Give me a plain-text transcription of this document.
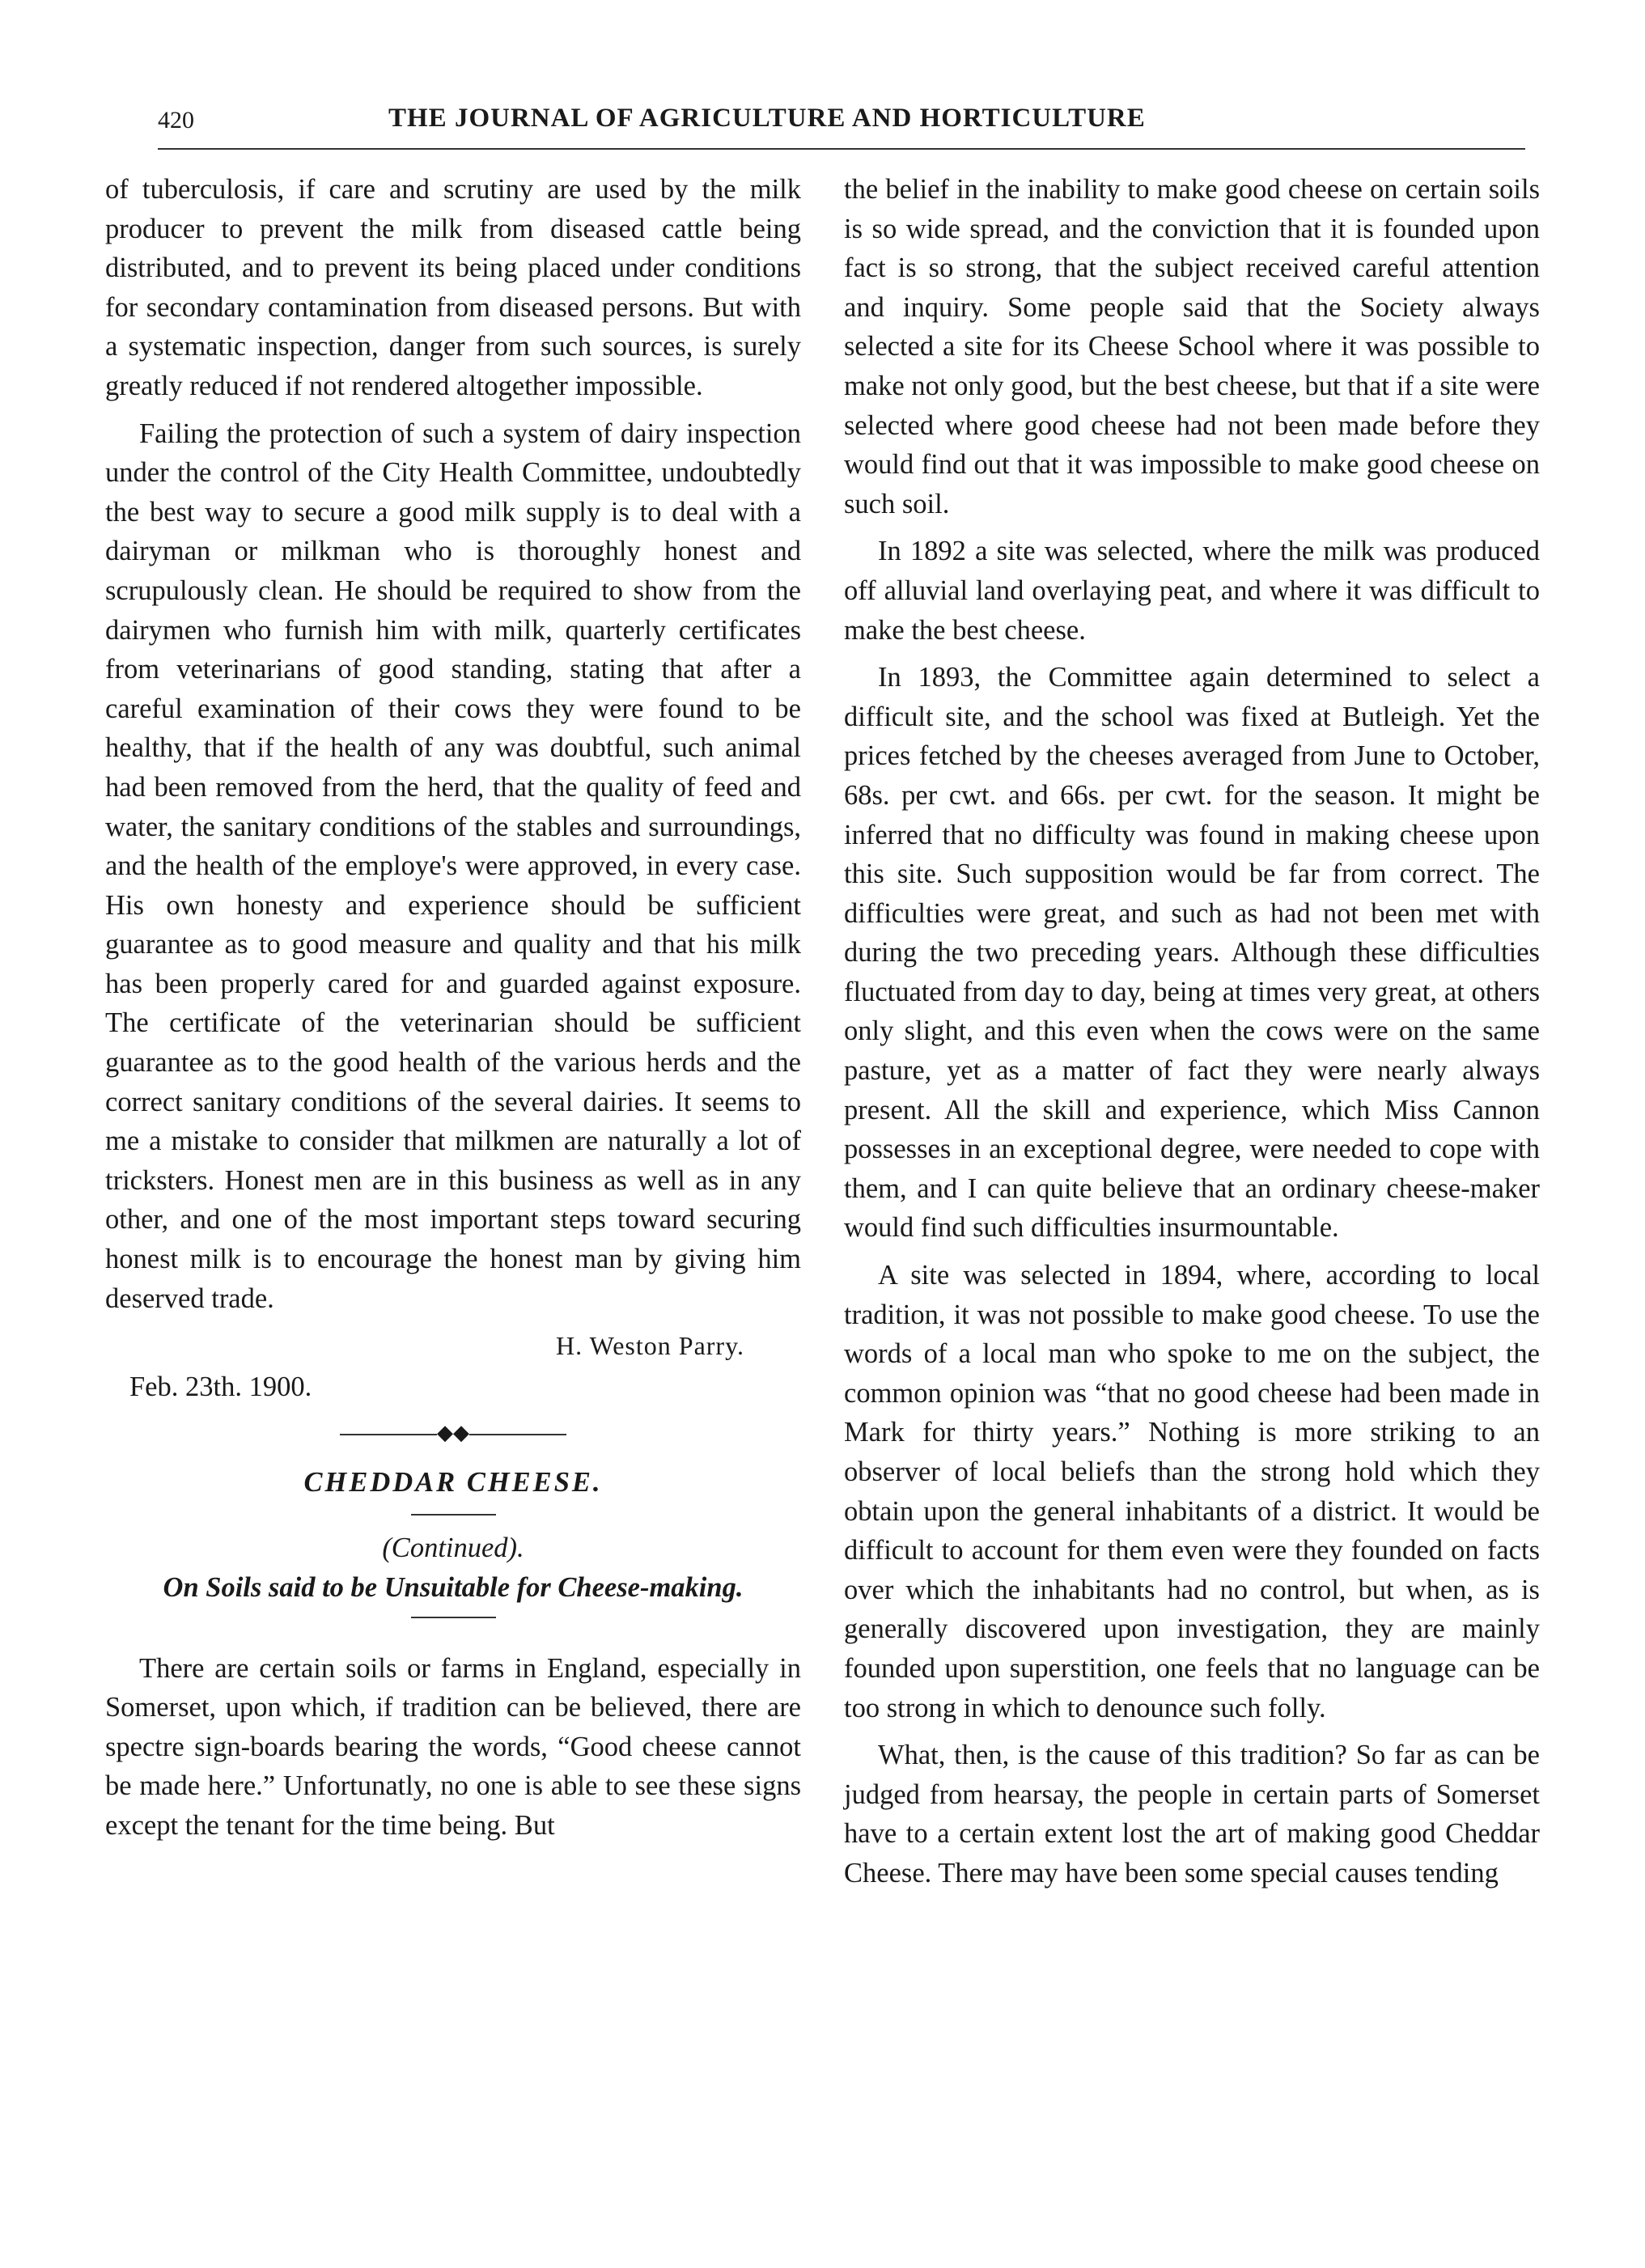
420	THE JOURNAL OF AGRICULTURE AND HORTICULTURE

of tuberculosis, if care and scrutiny are used by the milk producer to prevent the milk from diseased cattle being distributed, and to prevent its being placed under conditions for secondary contamination from diseased persons. But with a systematic inspection, danger from such sources, is surely greatly reduced if not rendered altogether impossible.

Failing the protection of such a system of dairy inspection under the control of the City Health Committee, undoubtedly the best way to secure a good milk supply is to deal with a dairyman or milkman who is thoroughly honest and scrupulously clean. He should be required to show from the dairymen who furnish him with milk, quarterly certificates from veterinarians of good standing, stating that after a careful examination of their cows they were found to be healthy, that if the health of any was doubtful, such animal had been removed from the herd, that the quality of feed and water, the sanitary conditions of the stables and surroundings, and the health of the employe's were approved, in every case. His own honesty and experience should be sufficient guarantee as to good measure and quality and that his milk has been properly cared for and guarded against exposure. The certificate of the veterinarian should be sufficient guarantee as to the good health of the various herds and the correct sanitary conditions of the several dairies. It seems to me a mistake to consider that milkmen are naturally a lot of tricksters. Honest men are in this business as well as in any other, and one of the most important steps toward securing honest milk is to encourage the honest man by giving him deserved trade.

H. Weston Parry.
Feb. 23th. 1900.
◆◆
CHEDDAR CHEESE.
(Continued).
On Soils said to be Unsuitable for Cheese-making.

There are certain soils or farms in England, especially in Somerset, upon which, if tradition can be believed, there are spectre sign-boards bearing the words, “Good cheese cannot be made here.” Unfortunatly, no one is able to see these signs except the tenant for the time being. But

the belief in the inability to make good cheese on certain soils is so wide spread, and the conviction that it is founded upon fact is so strong, that the subject received careful attention and inquiry. Some people said that the Society always selected a site for its Cheese School where it was possible to make not only good, but the best cheese, but that if a site were selected where good cheese had not been made before they would find out that it was impossible to make good cheese on such soil.

In 1892 a site was selected, where the milk was produced off alluvial land overlaying peat, and where it was difficult to make the best cheese.

In 1893, the Committee again determined to select a difficult site, and the school was fixed at Butleigh. Yet the prices fetched by the cheeses averaged from June to October, 68s. per cwt. and 66s. per cwt. for the season. It might be inferred that no difficulty was found in making cheese upon this site. Such supposition would be far from correct. The difficulties were great, and such as had not been met with during the two preceding years. Although these difficulties fluctuated from day to day, being at times very great, at others only slight, and this even when the cows were on the same pasture, yet as a matter of fact they were nearly always present. All the skill and experience, which Miss Cannon possesses in an exceptional degree, were needed to cope with them, and I can quite believe that an ordinary cheese-maker would find such difficulties insurmountable.

A site was selected in 1894, where, according to local tradition, it was not possible to make good cheese. To use the words of a local man who spoke to me on the subject, the common opinion was “that no good cheese had been made in Mark for thirty years.” Nothing is more striking to an observer of local beliefs than the strong hold which they obtain upon the general inhabitants of a district. It would be difficult to account for them even were they founded on facts over which the inhabitants had no control, but when, as is generally discovered upon investigation, they are mainly founded upon superstition, one feels that no language can be too strong in which to denounce such folly.

What, then, is the cause of this tradition? So far as can be judged from hearsay, the people in certain parts of Somerset have to a certain extent lost the art of making good Cheddar Cheese. There may have been some special causes tending
